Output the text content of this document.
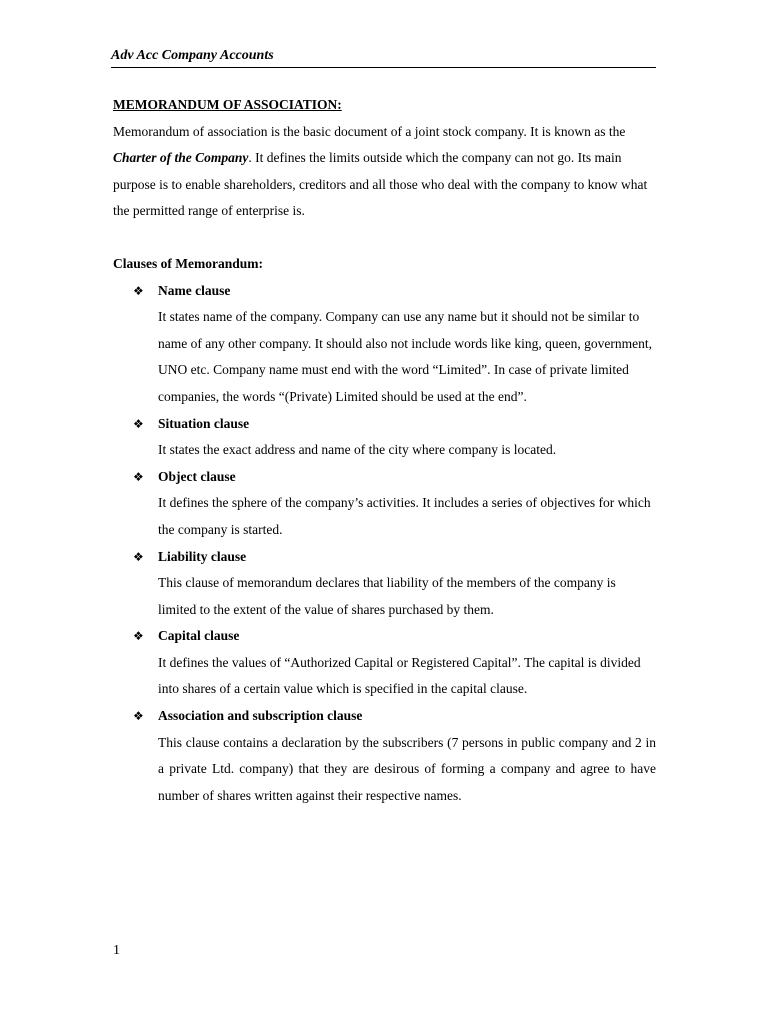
Adv Acc Company Accounts

MEMORANDUM OF ASSOCIATION:

Memorandum of association is the basic document of a joint stock company. It is known as the Charter of the Company. It defines the limits outside which the company can not go. Its main purpose is to enable shareholders, creditors and all those who deal with the company to know what the permitted range of enterprise is.

Clauses of Memorandum:

❖ Name clause

It states name of the company. Company can use any name but it should not be similar to name of any other company. It should also not include words like king, queen, government, UNO etc. Company name must end with the word “Limited”. In case of private limited companies, the words “(Private) Limited should be used at the end”.

❖ Situation clause

It states the exact address and name of the city where company is located.

❖ Object clause

It defines the sphere of the company’s activities. It includes a series of objectives for which the company is started.

❖ Liability clause

This clause of memorandum declares that liability of the members of the company is limited to the extent of the value of shares purchased by them.

❖ Capital clause

It defines the values of “Authorized Capital or Registered Capital”. The capital is divided into shares of a certain value which is specified in the capital clause.

❖ Association and subscription clause

This clause contains a declaration by the subscribers (7 persons in public company and 2 in a private Ltd. company) that they are desirous of forming a company and agree to have number of shares written against their respective names.

1
